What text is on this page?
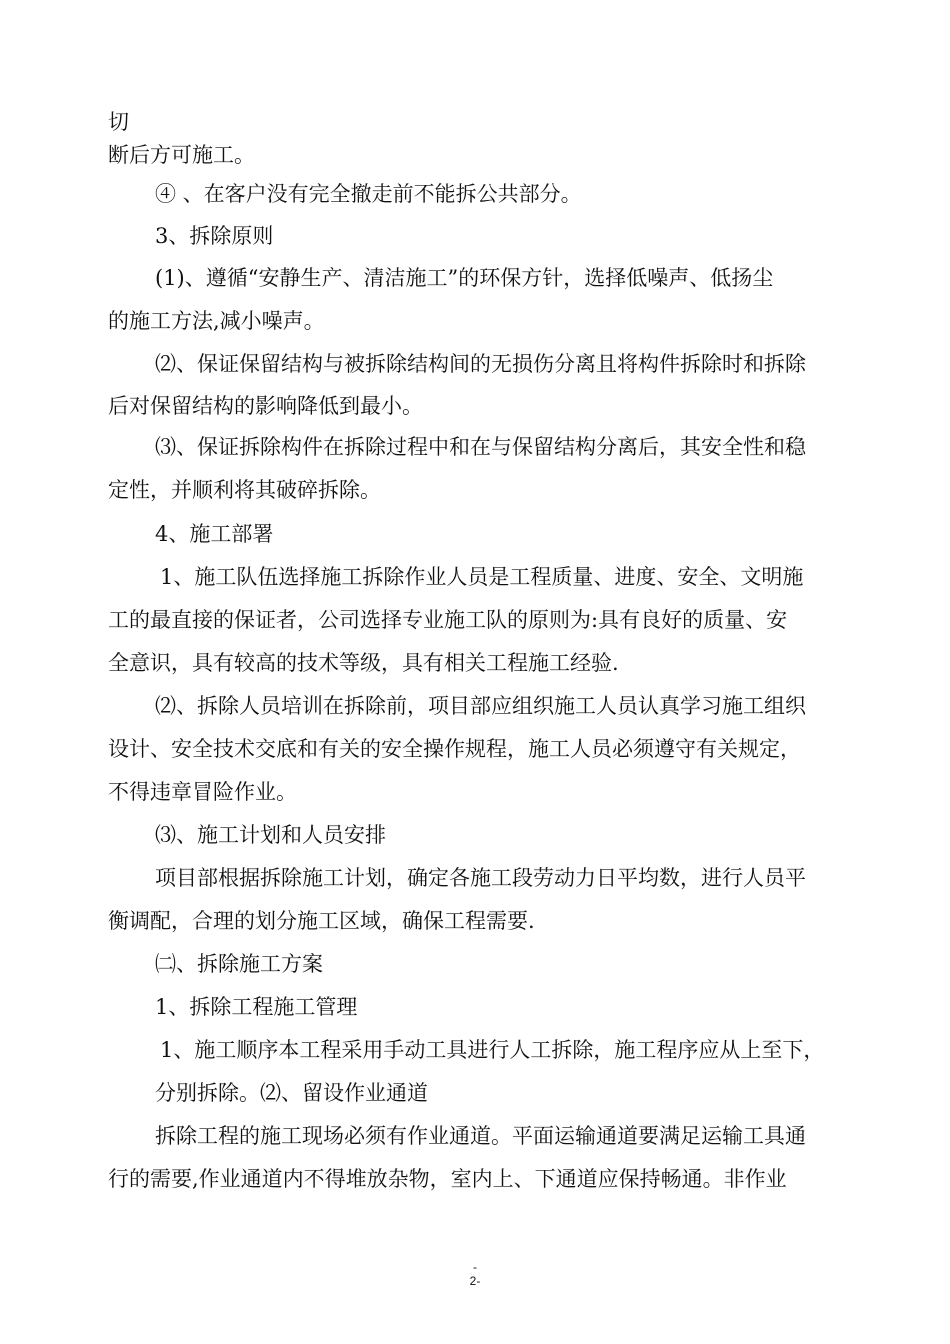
切

断后方可施工。

④ 、在客户没有完全撤走前不能拆公共部分。

3、拆除原则

(1)、遵循“安静生产、清洁施工”的环保方针，选择低噪声、低扬尘

的施工方法,减小噪声。

⑵、保证保留结构与被拆除结构间的无损伤分离且将构件拆除时和拆除

后对保留结构的影响降低到最小。

⑶、保证拆除构件在拆除过程中和在与保留结构分离后，其安全性和稳

定性，并顺利将其破碎拆除。

4、施工部署

1、施工队伍选择施工拆除作业人员是工程质量、进度、安全、文明施

工的最直接的保证者，公司选择专业施工队的原则为:具有良好的质量、安

全意识，具有较高的技术等级，具有相关工程施工经验.

⑵、拆除人员培训在拆除前，项目部应组织施工人员认真学习施工组织

设计、安全技术交底和有关的安全操作规程，施工人员必须遵守有关规定，

不得违章冒险作业。

⑶、施工计划和人员安排

项目部根据拆除施工计划，确定各施工段劳动力日平均数，进行人员平

衡调配，合理的划分施工区域，确保工程需要.

㈡、拆除施工方案

1、拆除工程施工管理

1、施工顺序本工程采用手动工具进行人工拆除，施工程序应从上至下，

分别拆除。⑵、留设作业通道

拆除工程的施工现场必须有作业通道。平面运输通道要满足运输工具通

行的需要,作业通道内不得堆放杂物，室内上、下通道应保持畅通。非作业

-
2-
